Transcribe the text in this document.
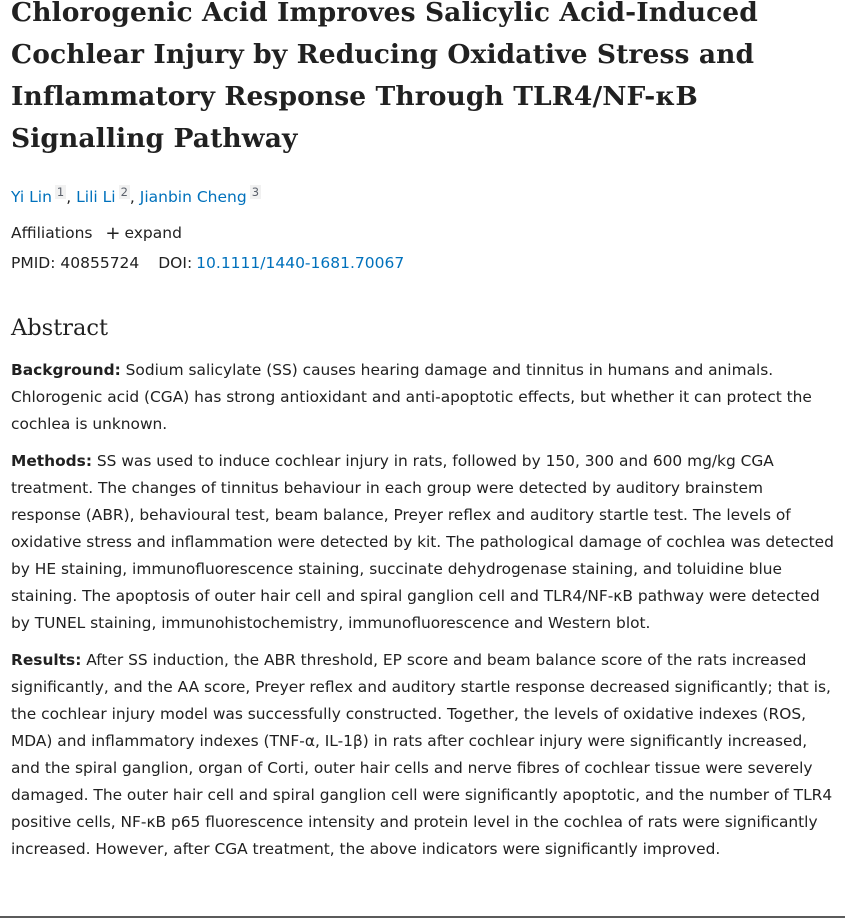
Chlorogenic Acid Improves Salicylic Acid-Induced Cochlear Injury by Reducing Oxidative Stress and Inflammatory Response Through TLR4/NF-κB Signalling Pathway
Yi Lin $^1$ , Lili Li $^2$ , Jianbin Cheng $^3$
Affiliations + expand
PMID: 40855724 DOI: 10.1111/1440-1681.70067
Abstract

Background: Sodium salicylate (SS) causes hearing damage and tinnitus in humans and animals. Chlorogenic acid (CGA) has strong antioxidant and anti-apoptotic effects, but whether it can protect the cochlea is unknown.

Methods: SS was used to induce cochlear injury in rats, followed by 150, 300 and 600 mg/kg CGA treatment. The changes of tinnitus behaviour in each group were detected by auditory brainstem response (ABR), behavioural test, beam balance, Preyer reflex and auditory startle test. The levels of oxidative stress and inflammation were detected by kit. The pathological damage of cochlea was detected by HE staining, immunofluorescence staining, succinate dehydrogenase staining, and toluidine blue staining. The apoptosis of outer hair cell and spiral ganglion cell and TLR4/NF-κB pathway were detected by TUNEL staining, immunohistochemistry, immunofluorescence and Western blot.

Results: After SS induction, the ABR threshold, EP score and beam balance score of the rats increased significantly, and the AA score, Preyer reflex and auditory startle response decreased significantly; that is, the cochlear injury model was successfully constructed. Together, the levels of oxidative indexes (ROS, MDA) and inflammatory indexes (TNF-α, IL-1β) in rats after cochlear injury were significantly increased, and the spiral ganglion, organ of Corti, outer hair cells and nerve fibres of cochlear tissue were severely damaged. The outer hair cell and spiral ganglion cell were significantly apoptotic, and the number of TLR4 positive cells, NF-κB p65 fluorescence intensity and protein level in the cochlea of rats were significantly increased. However, after CGA treatment, the above indicators were significantly improved.
